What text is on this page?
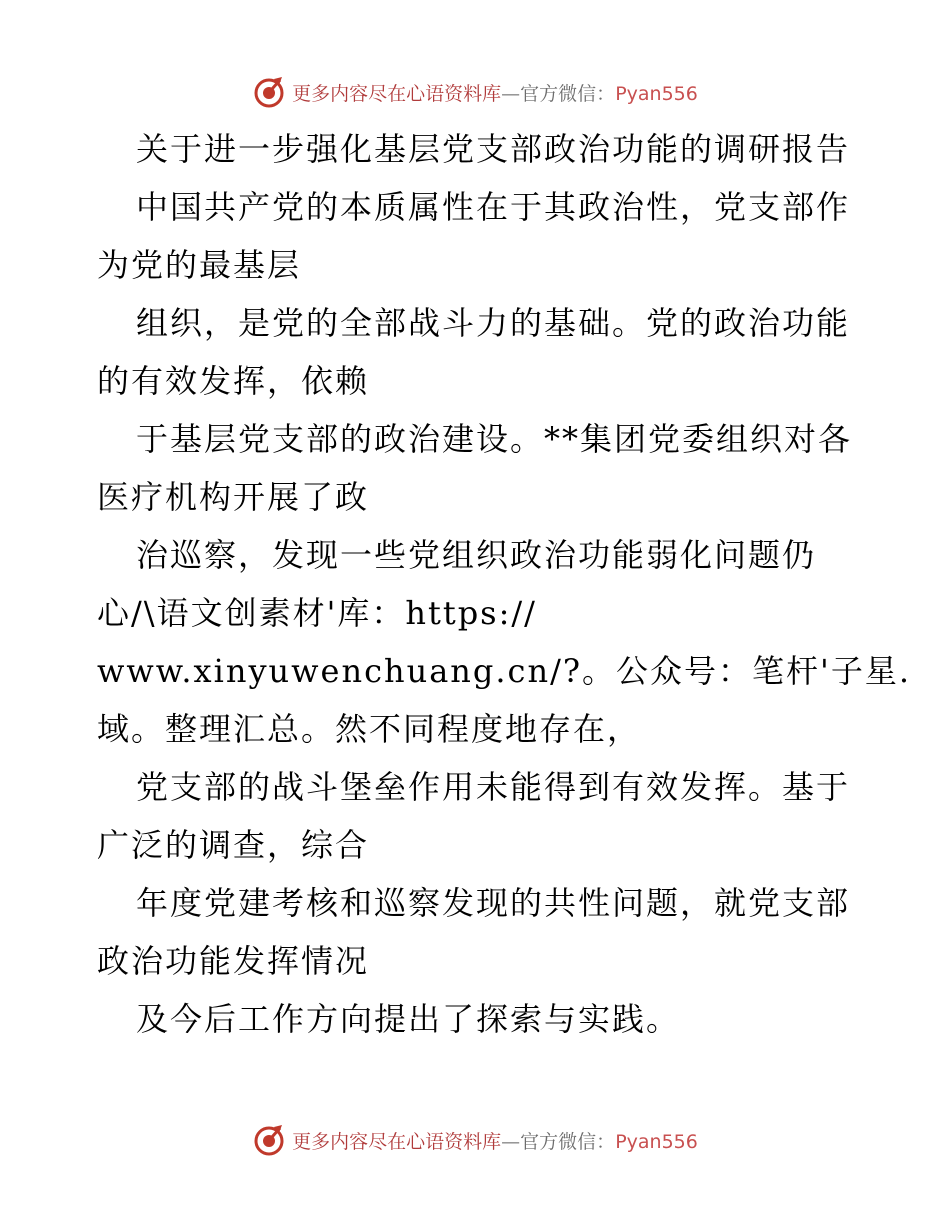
更多内容尽在心语资料库—官方微信：Pyan556
关于进一步强化基层党支部政治功能的调研报告
中国共产党的本质属性在于其政治性，党支部作
为党的最基层
组织，是党的全部战斗力的基础。党的政治功能
的有效发挥，依赖
于基层党支部的政治建设。**集团党委组织对各
医疗机构开展了政
治巡察，发现一些党组织政治功能弱化问题仍
心/\语文创素材'库：https://
www.xinyuwenchuang.cn/?。公众号：笔杆'子星.
域。整理汇总。然不同程度地存在，
党支部的战斗堡垒作用未能得到有效发挥。基于
广泛的调查，综合
年度党建考核和巡察发现的共性问题，就党支部
政治功能发挥情况
及今后工作方向提出了探索与实践。
更多内容尽在心语资料库—官方微信：Pyan556
